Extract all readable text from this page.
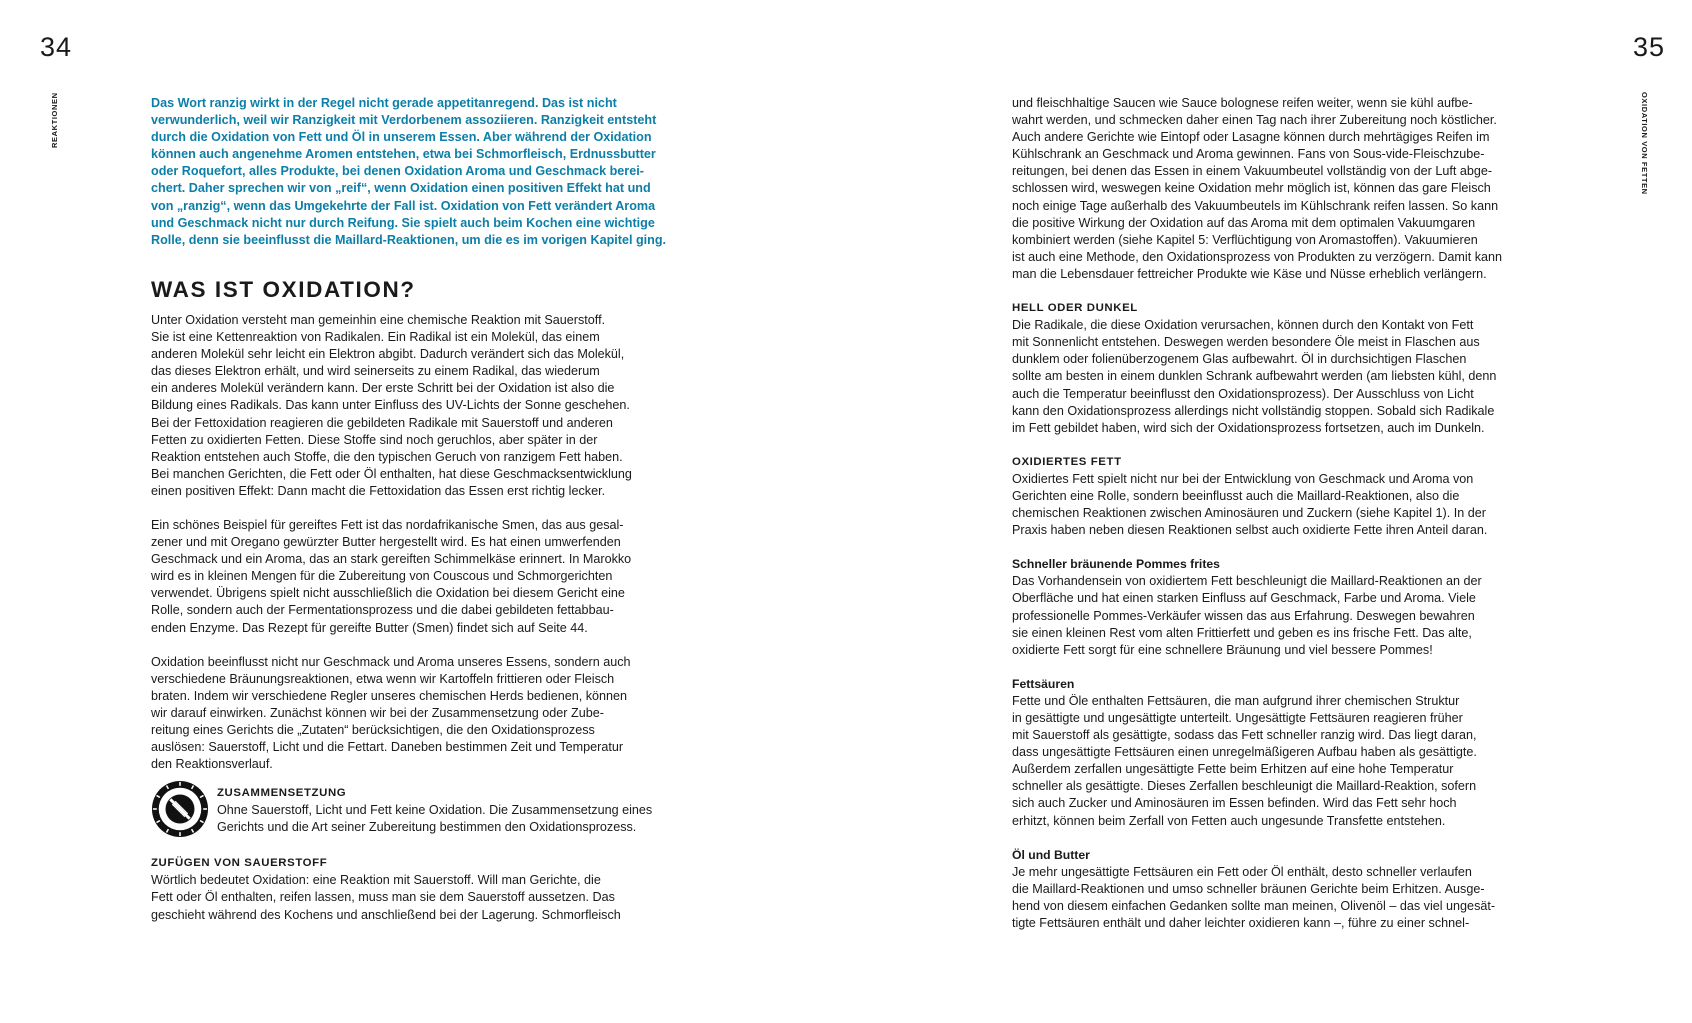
34	35
REAKTIONEN	OXIDATION VON FETTEN
Das Wort ranzig wirkt in der Regel nicht gerade appetitanregend. Das ist nicht
verwunderlich, weil wir Ranzigkeit mit Verdorbenem assoziieren. Ranzigkeit entsteht
durch die Oxidation von Fett und Öl in unserem Essen. Aber während der Oxidation
können auch angenehme Aromen entstehen, etwa bei Schmorfleisch, Erdnussbutter
oder Roquefort, alles Produkte, bei denen Oxidation Aroma und Geschmack berei-
chert. Daher sprechen wir von „reif“, wenn Oxidation einen positiven Effekt hat und
von „ranzig“, wenn das Umgekehrte der Fall ist. Oxidation von Fett verändert Aroma
und Geschmack nicht nur durch Reifung. Sie spielt auch beim Kochen eine wichtige
Rolle, denn sie beeinflusst die Maillard-Reaktionen, um die es im vorigen Kapitel ging.
WAS IST OXIDATION?
Unter Oxidation versteht man gemeinhin eine chemische Reaktion mit Sauerstoff.
Sie ist eine Kettenreaktion von Radikalen. Ein Radikal ist ein Molekül, das einem
anderen Molekül sehr leicht ein Elektron abgibt. Dadurch verändert sich das Molekül,
das dieses Elektron erhält, und wird seinerseits zu einem Radikal, das wiederum
ein anderes Molekül verändern kann. Der erste Schritt bei der Oxidation ist also die
Bildung eines Radikals. Das kann unter Einfluss des UV-Lichts der Sonne geschehen.
Bei der Fettoxidation reagieren die gebildeten Radikale mit Sauerstoff und anderen
Fetten zu oxidierten Fetten. Diese Stoffe sind noch geruchlos, aber später in der
Reaktion entstehen auch Stoffe, die den typischen Geruch von ranzigem Fett haben.
Bei manchen Gerichten, die Fett oder Öl enthalten, hat diese Geschmacksentwicklung
einen positiven Effekt: Dann macht die Fettoxidation das Essen erst richtig lecker.
Ein schönes Beispiel für gereiftes Fett ist das nordafrikanische Smen, das aus gesal-
zener und mit Oregano gewürzter Butter hergestellt wird. Es hat einen umwerfenden
Geschmack und ein Aroma, das an stark gereiften Schimmelkäse erinnert. In Marokko
wird es in kleinen Mengen für die Zubereitung von Couscous und Schmorgerichten
verwendet. Übrigens spielt nicht ausschließlich die Oxidation bei diesem Gericht eine
Rolle, sondern auch der Fermentationsprozess und die dabei gebildeten fettabbau-
enden Enzyme. Das Rezept für gereifte Butter (Smen) findet sich auf Seite 44.
Oxidation beeinflusst nicht nur Geschmack und Aroma unseres Essens, sondern auch
verschiedene Bräunungsreaktionen, etwa wenn wir Kartoffeln frittieren oder Fleisch
braten. Indem wir verschiedene Regler unseres chemischen Herds bedienen, können
wir darauf einwirken. Zunächst können wir bei der Zusammensetzung oder Zube-
reitung eines Gerichts die „Zutaten“ berücksichtigen, die den Oxidationsprozess
auslösen: Sauerstoff, Licht und die Fettart. Daneben bestimmen Zeit und Temperatur
den Reaktionsverlauf.
ZUSAMMENSETZUNG
Ohne Sauerstoff, Licht und Fett keine Oxidation. Die Zusammensetzung eines
Gerichts und die Art seiner Zubereitung bestimmen den Oxidationsprozess.
ZUFÜGEN VON SAUERSTOFF
Wörtlich bedeutet Oxidation: eine Reaktion mit Sauerstoff. Will man Gerichte, die
Fett oder Öl enthalten, reifen lassen, muss man sie dem Sauerstoff aussetzen. Das
geschieht während des Kochens und anschließend bei der Lagerung. Schmorfleisch
und fleischhaltige Saucen wie Sauce bolognese reifen weiter, wenn sie kühl aufbe-
wahrt werden, und schmecken daher einen Tag nach ihrer Zubereitung noch köstlicher.
Auch andere Gerichte wie Eintopf oder Lasagne können durch mehrtägiges Reifen im
Kühlschrank an Geschmack und Aroma gewinnen. Fans von Sous-vide-Fleischzube-
reitungen, bei denen das Essen in einem Vakuumbeutel vollständig von der Luft abge-
schlossen wird, weswegen keine Oxidation mehr möglich ist, können das gare Fleisch
noch einige Tage außerhalb des Vakuumbeutels im Kühlschrank reifen lassen. So kann
die positive Wirkung der Oxidation auf das Aroma mit dem optimalen Vakuumgaren
kombiniert werden (siehe Kapitel 5: Verflüchtigung von Aromastoffen). Vakuumieren
ist auch eine Methode, den Oxidationsprozess von Produkten zu verzögern. Damit kann
man die Lebensdauer fettreicher Produkte wie Käse und Nüsse erheblich verlängern.
HELL ODER DUNKEL
Die Radikale, die diese Oxidation verursachen, können durch den Kontakt von Fett
mit Sonnenlicht entstehen. Deswegen werden besondere Öle meist in Flaschen aus
dunklem oder folienüberzogenem Glas aufbewahrt. Öl in durchsichtigen Flaschen
sollte am besten in einem dunklen Schrank aufbewahrt werden (am liebsten kühl, denn
auch die Temperatur beeinflusst den Oxidationsprozess). Der Ausschluss von Licht
kann den Oxidationsprozess allerdings nicht vollständig stoppen. Sobald sich Radikale
im Fett gebildet haben, wird sich der Oxidationsprozess fortsetzen, auch im Dunkeln.
OXIDIERTES FETT
Oxidiertes Fett spielt nicht nur bei der Entwicklung von Geschmack und Aroma von
Gerichten eine Rolle, sondern beeinflusst auch die Maillard-Reaktionen, also die
chemischen Reaktionen zwischen Aminosäuren und Zuckern (siehe Kapitel 1). In der
Praxis haben neben diesen Reaktionen selbst auch oxidierte Fette ihren Anteil daran.
Schneller bräunende Pommes frites
Das Vorhandensein von oxidiertem Fett beschleunigt die Maillard-Reaktionen an der
Oberfläche und hat einen starken Einfluss auf Geschmack, Farbe und Aroma. Viele
professionelle Pommes-Verkäufer wissen das aus Erfahrung. Deswegen bewahren
sie einen kleinen Rest vom alten Frittierfett und geben es ins frische Fett. Das alte,
oxidierte Fett sorgt für eine schnellere Bräunung und viel bessere Pommes!
Fettsäuren
Fette und Öle enthalten Fettsäuren, die man aufgrund ihrer chemischen Struktur
in gesättigte und ungesättigte unterteilt. Ungesättigte Fettsäuren reagieren früher
mit Sauerstoff als gesättigte, sodass das Fett schneller ranzig wird. Das liegt daran,
dass ungesättigte Fettsäuren einen unregelmäßigeren Aufbau haben als gesättigte.
Außerdem zerfallen ungesättigte Fette beim Erhitzen auf eine hohe Temperatur
schneller als gesättigte. Dieses Zerfallen beschleunigt die Maillard-Reaktion, sofern
sich auch Zucker und Aminosäuren im Essen befinden. Wird das Fett sehr hoch
erhitzt, können beim Zerfall von Fetten auch ungesunde Transfette entstehen.
Öl und Butter
Je mehr ungesättigte Fettsäuren ein Fett oder Öl enthält, desto schneller verlaufen
die Maillard-Reaktionen und umso schneller bräunen Gerichte beim Erhitzen. Ausge-
hend von diesem einfachen Gedanken sollte man meinen, Olivenöl – das viel ungesät-
tigte Fettsäuren enthält und daher leichter oxidieren kann –, führe zu einer schnel-
